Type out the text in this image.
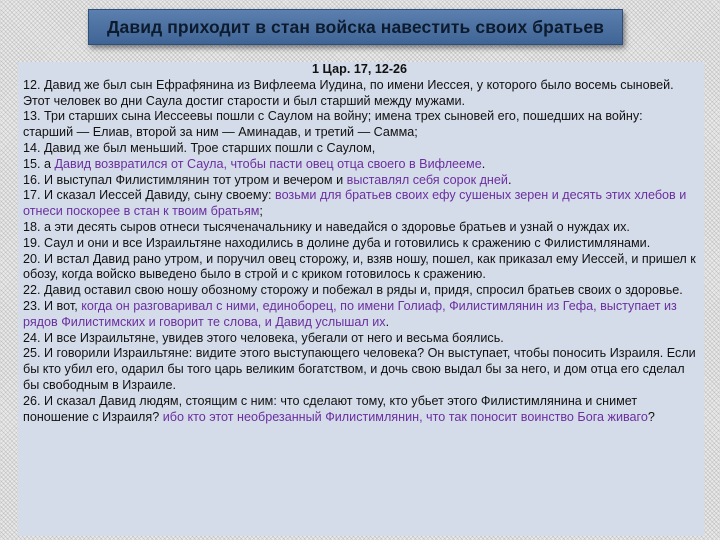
Давид приходит в стан войска навестить своих братьев
1 Цар. 17, 12-26

12. Давид же был сын Ефрафянина из Вифлеема Иудина, по имени Иессея, у которого было восемь сыновей. Этот человек во дни Саула достиг старости и был старший между мужами.

13. Три старших сына Иессеевы пошли с Саулом на войну; имена трех сыновей его, пошедших на войну: старший — Елиав, второй за ним — Аминадав, и третий — Самма;

14. Давид же был меньший. Трое старших пошли с Саулом,

15. а Давид возвратился от Саула, чтобы пасти овец отца своего в Вифлееме.

16. И выступал Филистимлянин тот утром и вечером и выставлял себя сорок дней.

17. И сказал Иессей Давиду, сыну своему: возьми для братьев своих ефу сушеных зерен и десять этих хлебов и отнеси поскорее в стан к твоим братьям;

18. а эти десять сыров отнеси тысяченачальнику и наведайся о здоровье братьев и узнай о нуждах их.

19. Саул и они и все Израильтяне находились в долине дуба и готовились к сражению с Филистимлянами.

20. И встал Давид рано утром, и поручил овец сторожу, и, взяв ношу, пошел, как приказал ему Иессей, и пришел к обозу, когда войско выведено было в строй и с криком готовилось к сражению.

22. Давид оставил свою ношу обозному сторожу и побежал в ряды и, придя, спросил братьев своих о здоровье.

23. И вот, когда он разговаривал с ними, единоборец, по имени Голиаф, Филистимлянин из Гефа, выступает из рядов Филистимских и говорит те слова, и Давид услышал их.

24. И все Израильтяне, увидев этого человека, убегали от него и весьма боялись.

25. И говорили Израильтяне: видите этого выступающего человека? Он выступает, чтобы поносить Израиля. Если бы кто убил его, одарил бы того царь великим богатством, и дочь свою выдал бы за него, и дом отца его сделал бы свободным в Израиле.

26. И сказал Давид людям, стоящим с ним: что сделают тому, кто убьет этого Филистимлянина и снимет поношение с Израиля? ибо кто этот необрезанный Филистимлянин, что так поносит воинство Бога живаго?
